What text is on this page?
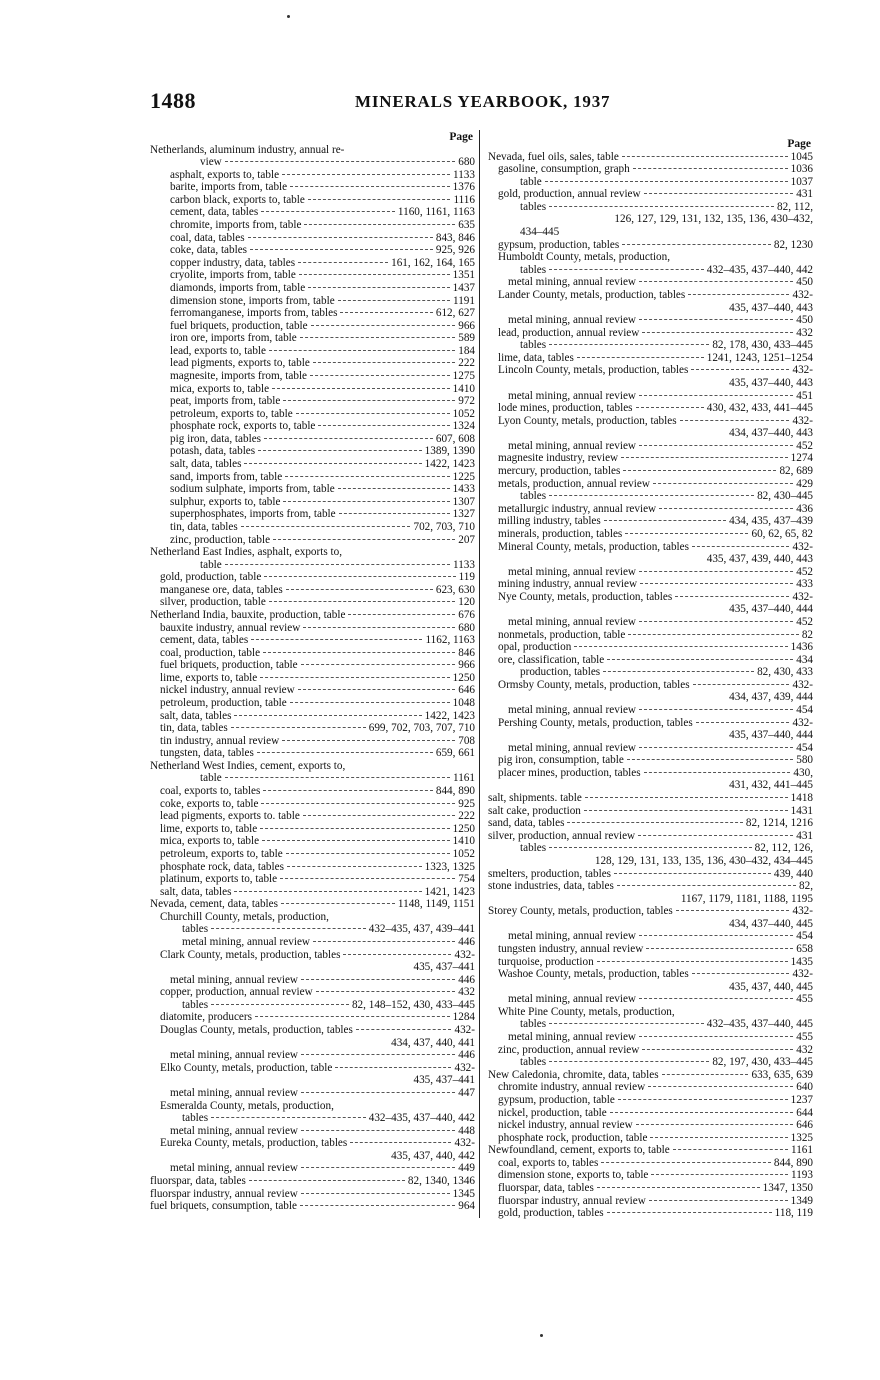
1488	MINERALS YEARBOOK, 1937
Page
Netherlands, aluminum industry, annual re-
view	680
asphalt, exports to, table	1133
barite, imports from, table	1376
carbon black, exports to, table	1116
cement, data, tables	1160, 1161, 1163
chromite, imports from, table	635
coal, data, tables	843, 846
coke, data, tables	925, 926
copper industry, data, tables	161, 162, 164, 165
cryolite, imports from, table	1351
diamonds, imports from, table	1437
dimension stone, imports from, table	1191
ferromanganese, imports from, tables	612, 627
fuel briquets, production, table	966
iron ore, imports from, table	589
lead, exports to, table	184
lead pigments, exports to, table	222
magnesite, imports from, table	1275
mica, exports to, table	1410
peat, imports from, table	972
petroleum, exports to, table	1052
phosphate rock, exports to, table	1324
pig iron, data, tables	607, 608
potash, data, tables	1389, 1390
salt, data, tables	1422, 1423
sand, imports from, table	1225
sodium sulphate, imports from, table	1433
sulphur, exports to, table	1307
superphosphates, imports from, table	1327
tin, data, tables	702, 703, 710
zinc, production, table	207
Netherland East Indies, asphalt, exports to,
table	1133
gold, production, table	119
manganese ore, data, tables	623, 630
silver, production, table	120
Netherland India, bauxite, production, table	676
bauxite industry, annual review	680
cement, data, tables	1162, 1163
coal, production, table	846
fuel briquets, production, table	966
lime, exports to, table	1250
nickel industry, annual review	646
petroleum, production, table	1048
salt, data, tables	1422, 1423
tin, data, tables	699, 702, 703, 707, 710
tin industry, annual review	708
tungsten, data, tables	659, 661
Netherland West Indies, cement, exports to,
table	1161
coal, exports to, tables	844, 890
coke, exports to, table	925
lead pigments, exports to. table	222
lime, exports to, table	1250
mica, exports to, table	1410
petroleum, exports to, table	1052
phosphate rock, data, tables	1323, 1325
platinum, exports to, table	754
salt, data, tables	1421, 1423
Nevada, cement, data, tables	1148, 1149, 1151
Churchill County, metals, production,
tables	432–435, 437, 439–441
metal mining, annual review	446
Clark County, metals, production, tables	432-
435, 437–441
metal mining, annual review	446
copper, production, annual review	432
tables	82, 148–152, 430, 433–445
diatomite, producers	1284
Douglas County, metals, production, tables	432-
434, 437, 440, 441
metal mining, annual review	446
Elko County, metals, production, table	432-
435, 437–441
metal mining, annual review	447
Esmeralda County, metals, production,
tables	432–435, 437–440, 442
metal mining, annual review	448
Eureka County, metals, production, tables	432-
435, 437, 440, 442
metal mining, annual review	449
fluorspar, data, tables	82, 1340, 1346
fluorspar industry, annual review	1345
fuel briquets, consumption, table	964
Page
Nevada, fuel oils, sales, table	1045
gasoline, consumption, graph	1036
table	1037
gold, production, annual review	431
tables	82, 112,
126, 127, 129, 131, 132, 135, 136, 430–432,
434–445
gypsum, production, tables	82, 1230
Humboldt County, metals, production,
tables	432–435, 437–440, 442
metal mining, annual review	450
Lander County, metals, production, tables	432-
435, 437–440, 443
metal mining, annual review	450
lead, production, annual review	432
tables	82, 178, 430, 433–445
lime, data, tables	1241, 1243, 1251–1254
Lincoln County, metals, production, tables	432-
435, 437–440, 443
metal mining, annual review	451
lode mines, production, tables	430, 432, 433, 441–445
Lyon County, metals, production, tables	432-
434, 437–440, 443
metal mining, annual review	452
magnesite industry, review	1274
mercury, production, tables	82, 689
metals, production, annual review	429
tables	82, 430–445
metallurgic industry, annual review	436
milling industry, tables	434, 435, 437–439
minerals, production, tables	60, 62, 65, 82
Mineral County, metals, production, tables	432-
435, 437, 439, 440, 443
metal mining, annual review	452
mining industry, annual review	433
Nye County, metals, production, tables	432-
435, 437–440, 444
metal mining, annual review	452
nonmetals, production, table	82
opal, production	1436
ore, classification, table	434
production, tables	82, 430, 433
Ormsby County, metals, production, tables	432-
434, 437, 439, 444
metal mining, annual review	454
Pershing County, metals, production, tables	432-
435, 437–440, 444
metal mining, annual review	454
pig iron, consumption, table	580
placer mines, production, tables	430,
431, 432, 441–445
salt, shipments. table	1418
salt cake, production	1431
sand, data, tables	82, 1214, 1216
silver, production, annual review	431
tables	82, 112, 126,
128, 129, 131, 133, 135, 136, 430–432, 434–445
smelters, production, tables	439, 440
stone industries, data, tables	82,
1167, 1179, 1181, 1188, 1195
Storey County, metals, production, tables	432-
434, 437–440, 445
metal mining, annual review	454
tungsten industry, annual review	658
turquoise, production	1435
Washoe County, metals, production, tables	432-
435, 437, 440, 445
metal mining, annual review	455
White Pine County, metals, production,
tables	432–435, 437–440, 445
metal mining, annual review	455
zinc, production, annual review	432
tables	82, 197, 430, 433–445
New Caledonia, chromite, data, tables	633, 635, 639
chromite industry, annual review	640
gypsum, production, table	1237
nickel, production, table	644
nickel industry, annual review	646
phosphate rock, production, table	1325
Newfoundland, cement, exports to, table	1161
coal, exports to, tables	844, 890
dimension stone, exports to, table	1193
fluorspar, data, tables	1347, 1350
fluorspar industry, annual review	1349
gold, production, tables	118, 119
